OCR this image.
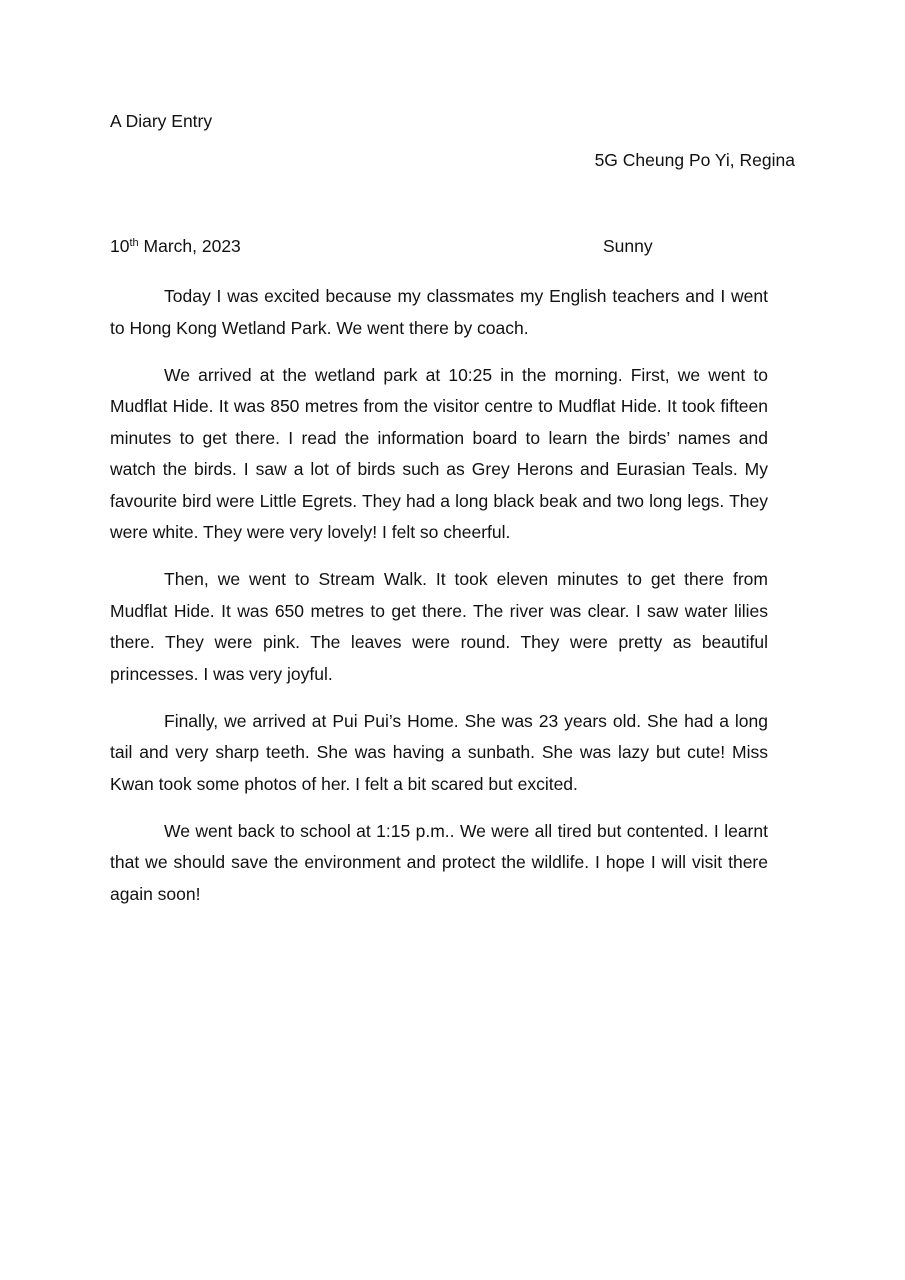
A Diary Entry
5G Cheung Po Yi, Regina
10th March, 2023	Sunny

Today I was excited because my classmates my English teachers and I went to Hong Kong Wetland Park. We went there by coach.

We arrived at the wetland park at 10:25 in the morning. First, we went to Mudflat Hide. It was 850 metres from the visitor centre to Mudflat Hide. It took fifteen minutes to get there. I read the information board to learn the birds’ names and watch the birds. I saw a lot of birds such as Grey Herons and Eurasian Teals. My favourite bird were Little Egrets. They had a long black beak and two long legs. They were white. They were very lovely! I felt so cheerful.

Then, we went to Stream Walk. It took eleven minutes to get there from Mudflat Hide. It was 650 metres to get there. The river was clear. I saw water lilies there. They were pink. The leaves were round. They were pretty as beautiful princesses. I was very joyful.

Finally, we arrived at Pui Pui’s Home. She was 23 years old. She had a long tail and very sharp teeth. She was having a sunbath. She was lazy but cute! Miss Kwan took some photos of her. I felt a bit scared but excited.

We went back to school at 1:15 p.m.. We were all tired but contented. I learnt that we should save the environment and protect the wildlife. I hope I will visit there again soon!
